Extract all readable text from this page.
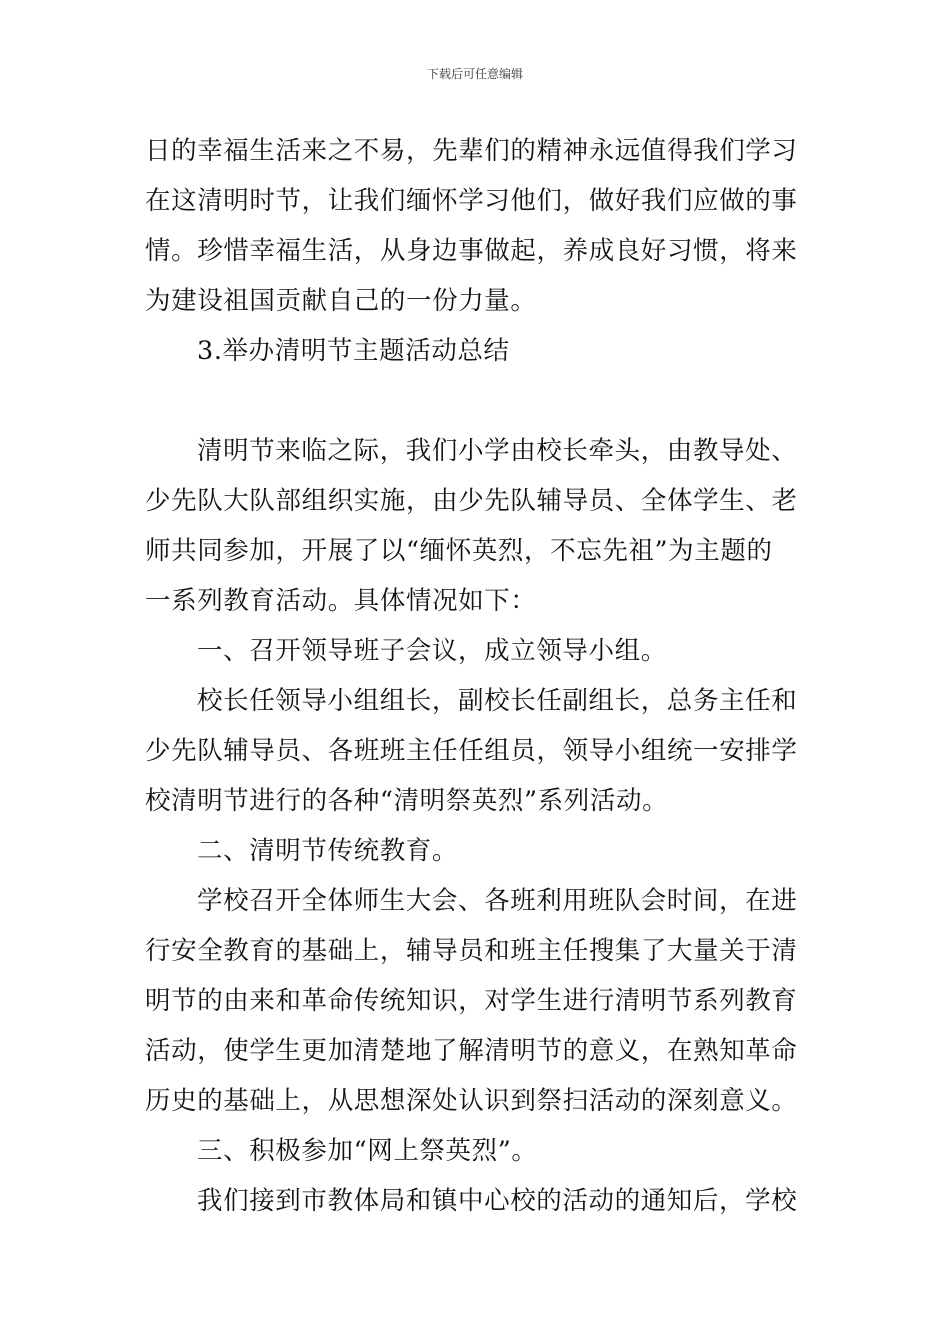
下载后可任意编辑
日的幸福生活来之不易，先辈们的精神永远值得我们学习
在这清明时节，让我们缅怀学习他们，做好我们应做的事
情。珍惜幸福生活，从身边事做起，养成良好习惯，将来
为建设祖国贡献自己的一份力量。
3.举办清明节主题活动总结
清明节来临之际，我们小学由校长牵头，由教导处、
少先队大队部组织实施，由少先队辅导员、全体学生、老
师共同参加，开展了以“缅怀英烈，不忘先祖”为主题的
一系列教育活动。具体情况如下：
一、召开领导班子会议，成立领导小组。
校长任领导小组组长，副校长任副组长，总务主任和
少先队辅导员、各班班主任任组员，领导小组统一安排学
校清明节进行的各种“清明祭英烈”系列活动。
二、清明节传统教育。
学校召开全体师生大会、各班利用班队会时间，在进
行安全教育的基础上，辅导员和班主任搜集了大量关于清
明节的由来和革命传统知识，对学生进行清明节系列教育
活动，使学生更加清楚地了解清明节的意义，在熟知革命
历史的基础上，从思想深处认识到祭扫活动的深刻意义。
三、积极参加“网上祭英烈”。
我们接到市教体局和镇中心校的活动的通知后，学校
